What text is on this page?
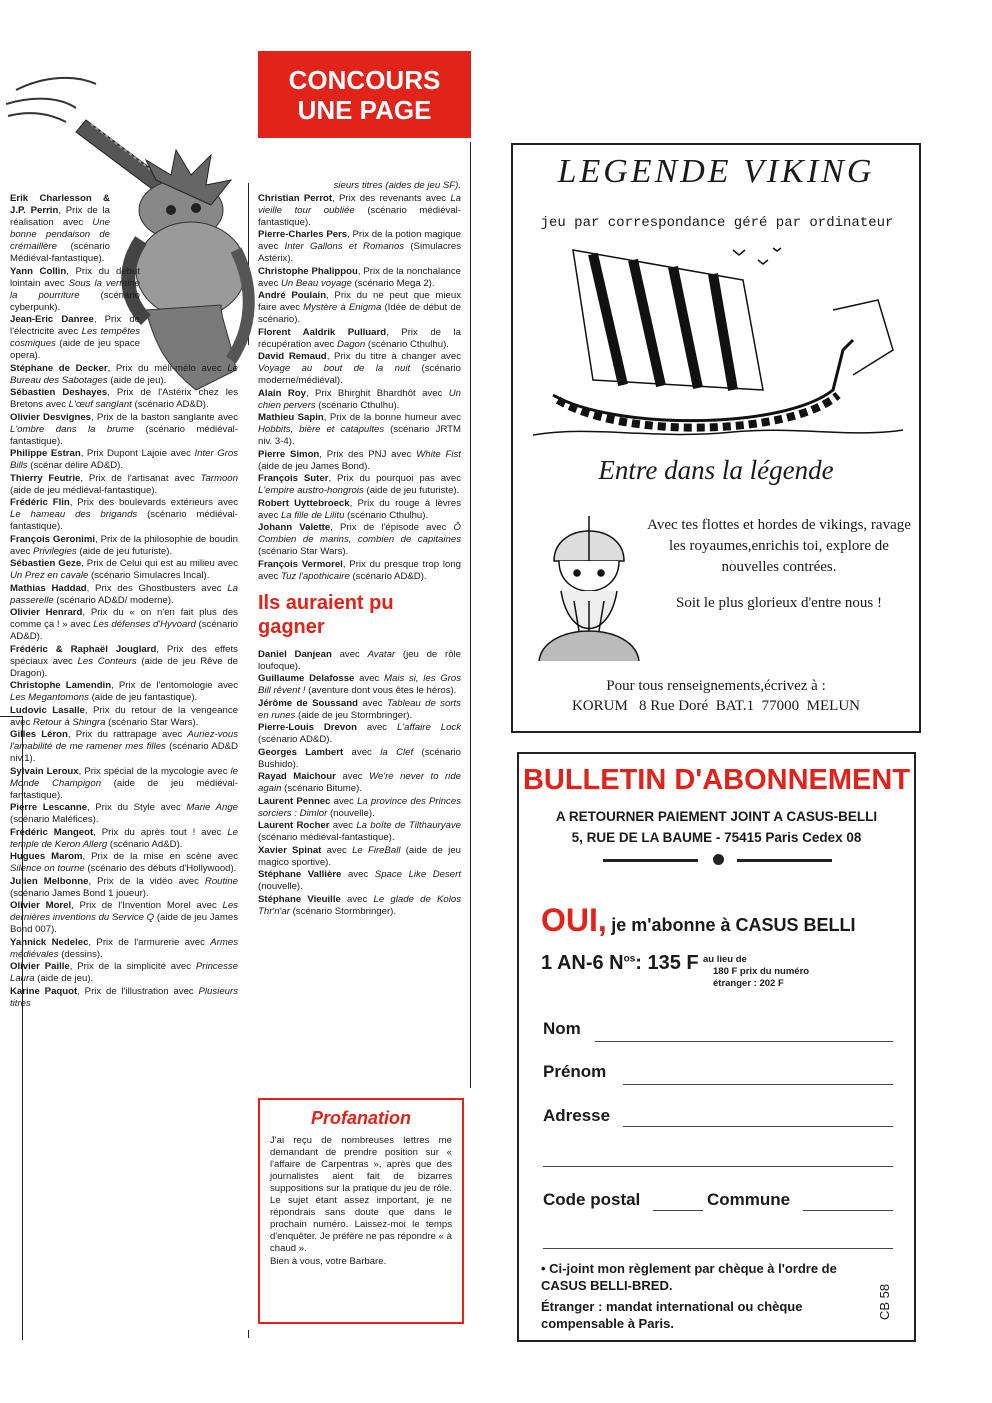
CONCOURS
UNE PAGE

Erik Charlesson & J.P. Perrin, Prix de la réalisation avec Une bonne pendaison de crémaillère (scénario Médiéval-fantastique).

Yann Collin, Prix du début lointain avec Sous la vermine la pourriture (scénario cyberpunk).

Jean-Eric Danree, Prix de l'électricité avec Les tempêtes cosmiques (aide de jeu space opera).

Stéphane de Decker, Prix du méli-mélo avec Le Bureau des Sabotages (aide de jeu).

Sébastien Deshayes, Prix de l'Astérix chez les Bretons avec L'œuf sanglant (scénario AD&D).

Olivier Desvignes, Prix de la baston sanglante avec L'ombre dans la brume (scénario médiéval-fantastique).

Philippe Estran, Prix Dupont Lajoie avec Inter Gros Bills (scénar délire AD&D).

Thierry Feutrie, Prix de l'artisanat avec Tarmoon (aide de jeu médiéval-fantastique).

Frédéric Flin, Prix des boulevards extérieurs avec Le hameau des brigands (scénario médiéval-fantastique).

François Geronimi, Prix de la philosophie de boudin avec Privilegies (aide de jeu futuriste).

Sébastien Geze, Prix de Celui qui est au milieu avec Un Prez en cavale (scénario Simulacres Incal).

Mathias Haddad, Prix des Ghostbusters avec La passerelle (scénario AD&D/ moderne).

Olivier Henrard, Prix du « on n'en fait plus des comme ça ! » avec Les défenses d'Hyvoard (scénario AD&D).

Frédéric & Raphaël Jouglard, Prix des effets spéciaux avec Les Conteurs (aide de jeu Rêve de Dragon).

Christophe Lamendin, Prix de l'entomologie avec Les Megantomons (aide de jeu fantastique).

Ludovic Lasalle, Prix du retour de la vengeance avec Retour à Shingra (scénario Star Wars).

Gilles Léron, Prix du rattrapage avec Auriez-vous l'amabilité de me ramener mes filles (scénario AD&D niv.1).

Sylvain Leroux, Prix spécial de la mycologie avec le Monde Champigon (aide de jeu médiéval-fantastique).

Pierre Lescanne, Prix du Style avec Marie Ange (scénario Maléfices).

Frédéric Mangeot, Prix du après tout ! avec Le temple de Keron Allerg (scénario Ad&D).

Hugues Marom, Prix de la mise en scène avec Silence on tourne (scénario des débuts d'Hollywood).

Julien Melbonne, Prix de la vidéo avec Routine (scénario James Bond 1 joueur).

Olivier Morel, Prix de l'Invention Morel avec Les dernières inventions du Service Q (aide de jeu James Bond 007).

Yannick Nedelec, Prix de l'armurerie avec Armes médiévales (dessins).

Olivier Paille, Prix de la simplicité avec Princesse Laura (aide de jeu).

Karine Paquot, Prix de l'illustration avec Plusieurs titres

sieurs titres (aides de jeu SF).

Christian Perrot, Prix des revenants avec La vieille tour oubliée (scénario médiéval-fantastique).

Pierre-Charles Pers, Prix de la potion magique avec Inter Gallons et Romanos (Simulacres Astérix).

Christophe Phalippou, Prix de la nonchalance avec Un Beau voyage (scénario Mega 2).

André Poulain, Prix du ne peut que mieux faire avec Mystère à Enigma (Idée de début de scénario).

Florent Aaldrik Pulluard, Prix de la récupération avec Dagon (scénario Cthulhu).

David Remaud, Prix du titre à changer avec Voyage au bout de la nuit (scénario moderne/médiéval).

Alain Roy, Prix Bhirghit Bhardhôt avec Un chien pervers (scénario Cthulhu).

Mathieu Sapin, Prix de la bonne humeur avec Hobbits, bière et catapultes (scénario JRTM niv. 3-4).

Pierre Simon, Prix des PNJ avec White Fist (aide de jeu James Bond).

François Suter, Prix du pourquoi pas avec L'empire austro-hongrois (aide de jeu futuriste).

Robert Uyttebroeck, Prix du rouge à lèvres avec La fille de Lilitu (scénario Cthulhu).

Johann Valette, Prix de l'épisode avec Ô Combien de marins, combien de capitaines (scénario Star Wars).

François Vermorel, Prix du presque trop long avec Tuz l'apothicaire (scénario AD&D).

Ils auraient pu gagner

Daniel Danjean avec Avatar (jeu de rôle loufoque).

Guillaume Delafosse avec Mais si, les Gros Bill rêvent ! (aventure dont vous êtes le héros).

Jérôme de Soussand avec Tableau de sorts en runes (aide de jeu Stormbringer).

Pierre-Louis Drevon avec L'affaire Lock (scénario AD&D).

Georges Lambert avec la Clef (scénario Bushido).

Rayad Maichour avec We're never to ride again (scénario Bitume).

Laurent Pennec avec La province des Princes sorciers : Dimlor (nouvelle).

Laurent Rocher avec La boîte de Tilthauryave (scénario médiéval-fantastique).

Xavier Spinat avec Le FireBall (aide de jeu magico sportive).

Stéphane Vallière avec Space Like Desert (nouvelle).

Stéphane Vieuille avec Le glade de Kolos Thr'n'ar (scénario Stormbringer).

Profanation

J'ai reçu de nombreuses lettres me demandant de prendre position sur « l'affaire de Carpentras », après que des journalistes aient fait de bizarres suppositions sur la pratique du jeu de rôle. Le sujet étant assez important, je ne répondrais sans doute que dans le prochain numéro. Laissez-moi le temps d'enquêter. Je préfère ne pas répondre « à chaud ».

Bien à vous, votre Barbare.

LEGENDE VIKING
jeu par correspondance géré par ordinateur
Entre dans la légende
Avec tes flottes et hordes de vikings, ravage les royaumes,enrichis toi, explore de nouvelles contrées.
Soit le plus glorieux d'entre nous !
Pour tous renseignements,écrivez à :
KORUM   8 Rue Doré  BAT.1  77000  MELUN
BULLETIN D'ABONNEMENT
A RETOURNER PAIEMENT JOINT A CASUS-BELLI
5, RUE DE LA BAUME - 75415 Paris Cedex 08
OUI, je m'abonne à CASUS BELLI
1 AN-6 $N^{os}$: 135 F au lieu de
180 F prix du numéro
étranger : 202 F
Nom
Prénom
Adresse
Code postal	Commune
• Ci-joint mon règlement par chèque à l'ordre de CASUS BELLI-BRED.
Étranger : mandat international ou chèque compensable à Paris.
CB 58
